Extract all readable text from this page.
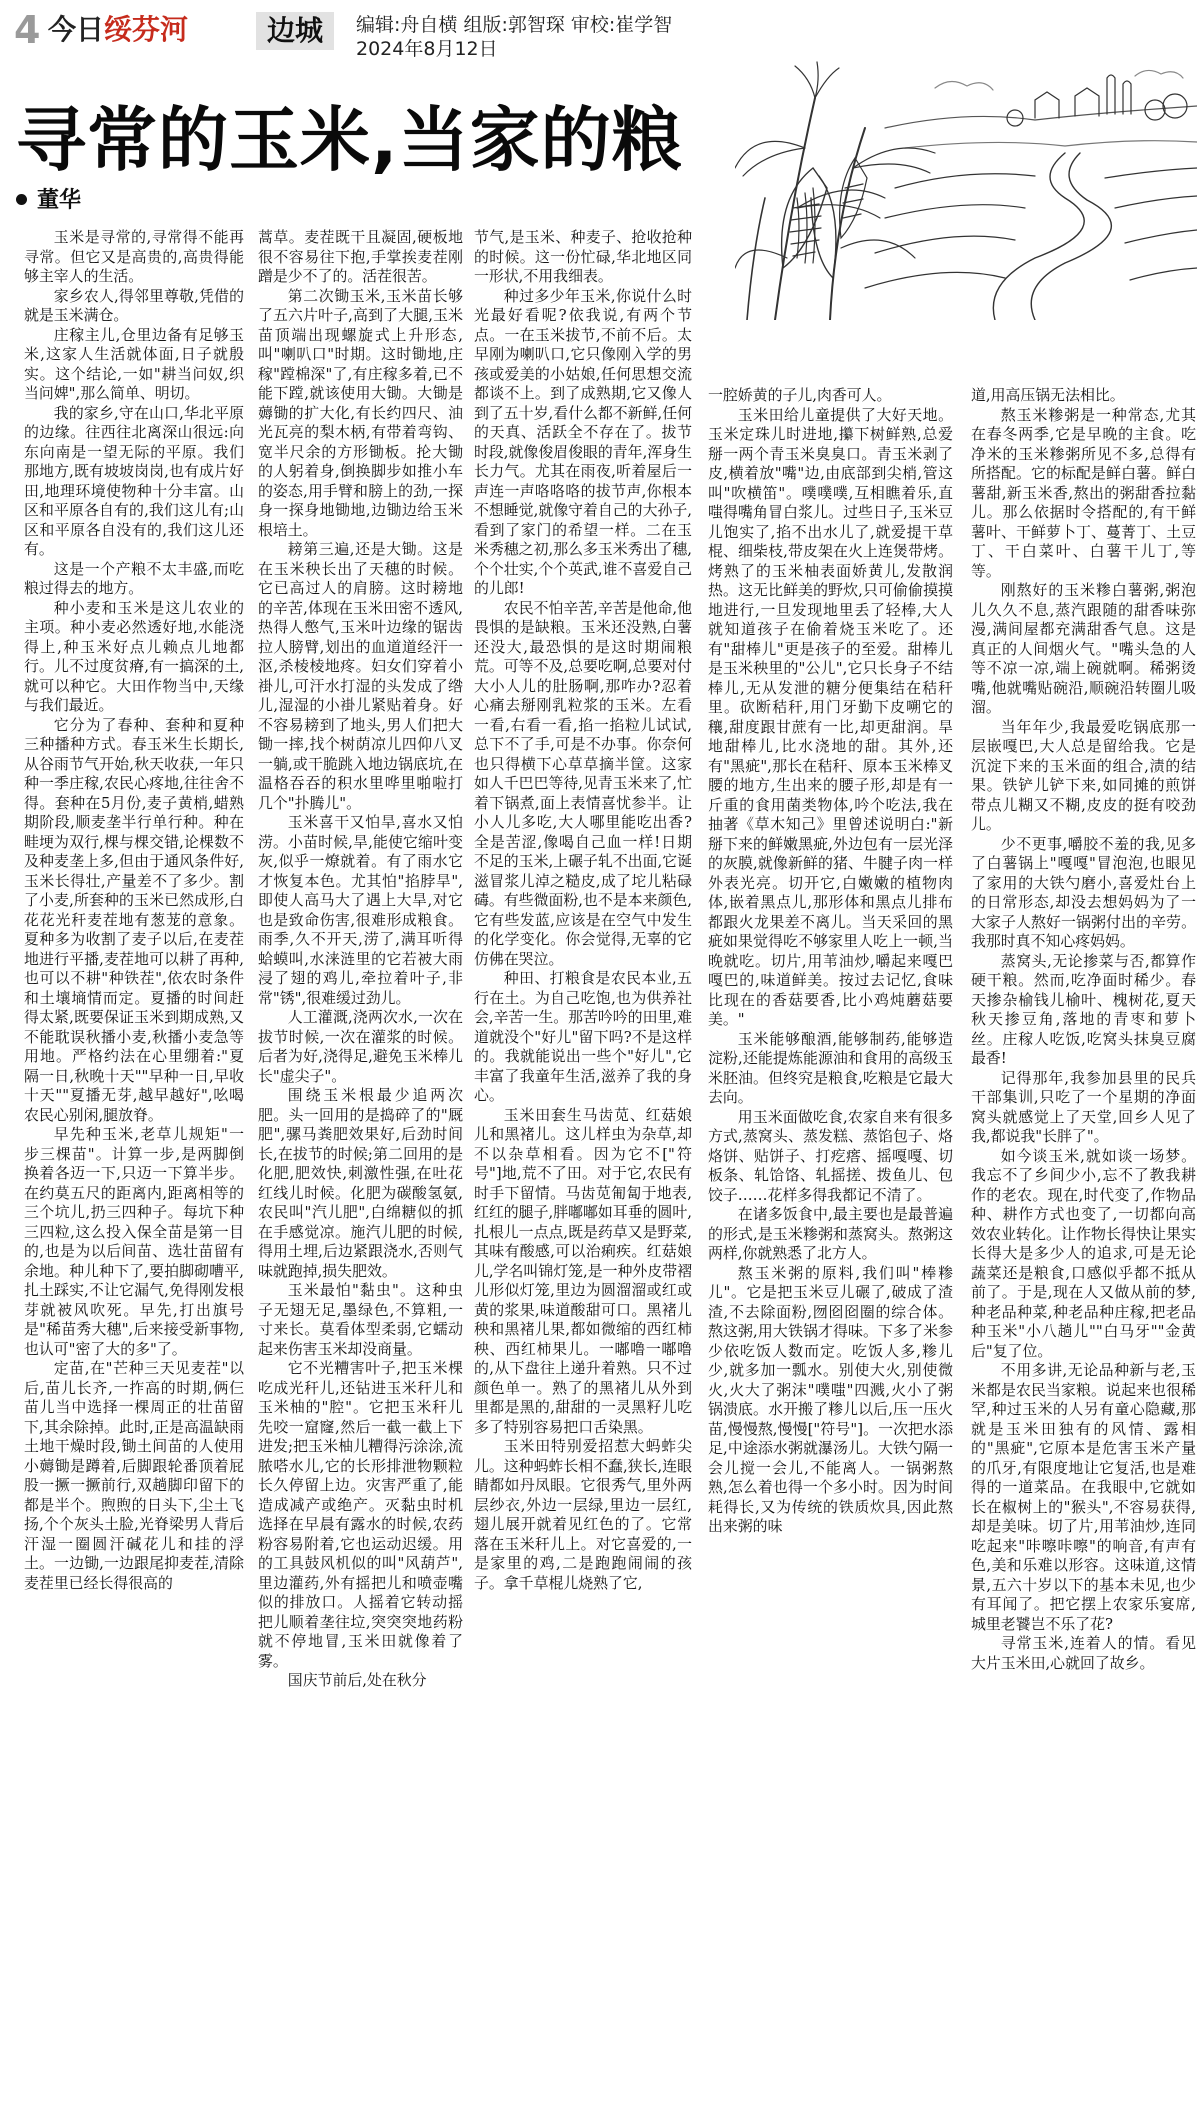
4 今日绥芬河	边城	编辑:舟自横 组版:郭智琛 审校:崔学智
2024年8月12日
寻常的玉米,当家的粮
董华

玉米是寻常的,寻常得不能再寻常。但它又是高贵的,高贵得能够主宰人的生活。

家乡农人,得邻里尊敬,凭借的就是玉米满仓。

庄稼主儿,仓里边备有足够玉米,这家人生活就体面,日子就殷实。这个结论,一如"耕当问奴,织当问婢",那么简单、明切。

我的家乡,守在山口,华北平原的边缘。往西往北离深山很远:向东向南是一望无际的平原。我们那地方,既有坡坡岗岗,也有成片好田,地理环境使物种十分丰富。山区和平原各自有的,我们这儿有;山区和平原各自没有的,我们这儿还有。

这是一个产粮不太丰盛,而吃粮过得去的地方。

种小麦和玉米是这儿农业的主项。种小麦必然透好地,水能浇得上,种玉米好点儿赖点儿地都行。儿不过度贫瘠,有一搞深的土,就可以种它。大田作物当中,天缘与我们最近。

它分为了春种、套种和夏种三种播种方式。春玉米生长期长,从谷雨节气开始,秋天收获,一年只种一季庄稼,农民心疼地,往往舍不得。套种在5月份,麦子黄梢,蜡熟期阶段,顺麦垄半行单行种。种在畦埂为双行,棵与棵交错,论棵数不及种麦垄上多,但由于通风条件好,玉米长得壮,产量差不了多少。割了小麦,所套种的玉米已然成形,白花花光秆麦茬地有葱茏的意象。夏种多为收割了麦子以后,在麦茬地进行平播,麦茬地可以耕了再种,也可以不耕"种铁茬",依农时条件和土壤墒情而定。夏播的时间赶得太紧,既要保证玉米到期成熟,又不能耽误秋播小麦,秋播小麦急等用地。严格约法在心里绷着:"夏隔一日,秋晚十天""早种一日,早收十天""夏播无芽,越早越好",吆喝农民心别闲,腿放脊。

早先种玉米,老草儿规矩"一步三棵苗"。计算一步,是两脚倒换着各迈一下,只迈一下算半步。在约莫五尺的距离内,距离相等的三个坑儿,扔三四种子。每坑下种三四粒,这么投入保全苗是第一目的,也是为以后间苗、选壮苗留有余地。种儿种下了,要拍脚砌嘈平,扎土踩实,不让它漏气,免得刚发根芽就被风吹死。早先,打出旗号是"稀苗秀大穗",后来接受新事物,也认可"密了大的多"了。

定苗,在"芒种三天见麦茬"以后,苗儿长齐,一拃高的时期,俩仨苗儿当中选择一棵周正的壮苗留下,其余除掉。此时,正是高温缺雨土地干燥时段,锄土间苗的人使用小薅锄是蹲着,后脚跟轮番顶着屁股一撅一撅前行,双趟脚印留下的都是半个。煦煦的日头下,尘土飞扬,个个灰头土脸,光脊梁男人背后汗湿一圈圆汗碱花儿和挂的浮土。一边锄,一边跟尾抑麦茬,清除麦茬里已经长得很高的

蒿草。麦茬既干且凝固,硬板地很不容易往下抱,手掌挨麦茬刚蹭是少不了的。活茬很苦。

第二次锄玉米,玉米苗长够了五六片叶子,高到了大腿,玉米苗顶端出现螺旋式上升形态,叫"喇叭口"时期。这时锄地,庄稼"蹚棉深"了,有庄稼多着,已不能下蹚,就该使用大锄。大锄是薅锄的扩大化,有长约四尺、油光瓦亮的梨木柄,有带着弯钩、宽半尺余的方形锄板。抡大锄的人躬着身,倒换脚步如推小车的姿态,用手臂和膀上的劲,一探身一探身地锄地,边锄边给玉米根培土。

耪第三遍,还是大锄。这是在玉米秧长出了天穗的时候。它已高过人的肩膀。这时耪地的辛苦,体现在玉米田密不透风,热得人憋气,玉米叶边缘的锯齿拉人膀臂,划出的血道道经汗一沤,杀棱棱地疼。妇女们穿着小褂儿,可汗水打湿的头发成了绺儿,湿湿的小褂儿紧贴着身。好不容易耪到了地头,男人们把大锄一摔,找个树荫凉儿四仰八叉一躺,或干脆跳入地边锅底坑,在温格吞吞的积水里哗里啪啦打几个"扑腾儿"。

玉米喜干又怕旱,喜水又怕涝。小苗时候,旱,能使它缩叶变灰,似乎一燎就着。有了雨水它才恢复本色。尤其怕"掐脖旱",即使人高马大了遇上大旱,对它也是致命伤害,很难形成粮食。雨季,久不开天,涝了,满耳听得蛤蟆叫,水涞涟里的它若被大雨浸了翅的鸡儿,牵拉着叶子,非常"锈",很难缓过劲儿。

人工灌溉,浇两次水,一次在拔节时候,一次在灌浆的时候。后者为好,浇得足,避免玉米棒儿长"虚尖子"。

围绕玉米根最少追两次肥。头一回用的是捣碎了的"厩肥",骡马粪肥效果好,后劲时间长,在拔节的时候;第二回用的是化肥,肥效快,刺激性强,在吐花红线儿时候。化肥为碳酸氢氨,农民叫"汽儿肥",白绵糖似的抓在手感觉凉。施汽儿肥的时候,得用土埋,后边紧跟浇水,否则气味就跑掉,损失肥效。

玉米最怕"黏虫"。这种虫子无翅无足,墨绿色,不算粗,一寸来长。莫看体型柔弱,它蠕动起来伤害玉米却没商量。

它不光糟害叶子,把玉米棵吃成光秆儿,还钻进玉米秆儿和玉米柚的"腔"。它把玉米秆儿先咬一窟窿,然后一截一截上下进发;把玉米柚儿糟得污涂涂,流脓嗒水儿,它的长形排泄物颗粒长久停留上边。灾害严重了,能造成减产或绝产。灭黏虫时机选择在早晨有露水的时候,农药粉容易附着,它也运动迟缓。用的工具鼓风机似的叫"风葫芦",里边灌药,外有摇把儿和喷壶嘴似的排放口。人摇着它转动摇把儿顺着垄往垃,突突突地药粉就不停地冒,玉米田就像着了雾。

国庆节前后,处在秋分

节气,是玉米、种麦子、抢收抢种的时候。这一份忙碌,华北地区同一形状,不用我细表。

种过多少年玉米,你说什么时光最好看呢?依我说,有两个节点。一在玉米拔节,不前不后。太早刚为喇叭口,它只像刚入学的男孩或爱美的小姑娘,任何思想交流都谈不上。到了成熟期,它又像人到了五十岁,看什么都不新鲜,任何的天真、活跃全不存在了。拔节时段,就像俊眉俊眼的青年,浑身生长力气。尤其在雨夜,听着屋后一声连一声咯咯咯的拔节声,你根本不想睡觉,就像守着自己的大孙子,看到了家门的希望一样。二在玉米秀穗之初,那么多玉米秀出了穗,个个壮实,个个英武,谁不喜爱自己的儿郎!

农民不怕辛苦,辛苦是他命,他畏惧的是缺粮。玉米还没熟,白薯还没大,最恐惧的是这时期闹粮荒。可等不及,总要吃啊,总要对付大小人儿的肚肠啊,那咋办?忍着心痛去掰刚乳粒浆的玉米。左看一看,右看一看,掐一掐粒儿试试,总下不了手,可是不办事。你奈何也只得横下心草草摘半筐。这家如人千巴巴等待,见青玉米来了,忙着下锅煮,面上表情喜忧参半。让小人儿多吃,大人哪里能吃出香?全是苦涩,像喝自己血一样!日期不足的玉米,上碾子轧不出面,它诞滋冒浆儿淖之糙皮,成了坨儿粘碌碡。有些微面粉,也不是本来颜色,它有些发蓝,应该是在空气中发生的化学变化。你会觉得,无辜的它仿佛在哭泣。

种田、打粮食是农民本业,五行在土。为自己吃饱,也为供养社会,辛苦一生。那苦吟吟的田里,难道就没个"好儿"留下吗?不是这样的。我就能说出一些个"好儿",它丰富了我童年生活,滋养了我的身心。

玉米田套生马齿苋、红菇娘儿和黑褚儿。这儿样虫为杂草,却不以杂草相看。因为它不["符号"]地,荒不了田。对于它,农民有时手下留情。马齿苋匍匐于地表,红红的腿子,胖嘟嘟如耳垂的圆叶,扎根儿一点点,既是药草又是野菜,其味有酸感,可以治痢疾。红菇娘儿,学名叫锦灯笼,是一种外皮带褶儿形似灯笼,里边为圆溜溜或红或黄的浆果,味道酸甜可口。黑褚儿秧和黑褚儿果,都如微缩的西红柿秧、西红柿果儿。一嘟噜一嘟噜的,从下盘往上递升着熟。只不过颜色单一。熟了的黑褚儿从外到里都是黑的,甜甜的一灵黑籽儿吃多了特别容易把口舌染黑。

玉米田特别爱招惹大蚂蚱尖儿。这种蚂蚱长相不蠢,狭长,连眼睛都如丹凤眼。它很秀气,里外两层纱衣,外边一层绿,里边一层红,翅儿展开就着见红色的了。它常落在玉米秆儿上。对它喜爱的,一是家里的鸡,二是跑跑闹闹的孩子。拿千草棍儿烧熟了它,

一腔娇黄的子儿,肉香可人。

玉米田给儿童提供了大好天地。玉米定珠儿时进地,攥下树鲜熟,总爱掰一两个青玉米臭臭口。青玉米剥了皮,横着放"嘴"边,由底部到尖梢,管这叫"吹横笛"。噗噗噗,互相瞧着乐,直嗤得嘴角冒白浆儿。过些日子,玉米豆儿饱实了,掐不出水儿了,就爱提干草棍、细柴枝,带皮架在火上连煲带烤。烤熟了的玉米柚表面娇黄儿,发散润热。这无比鲜美的野炊,只可偷偷摸摸地进行,一旦发现地里丢了轻棒,大人就知道孩子在偷着烧玉米吃了。还有"甜棒儿"更是孩子的至爱。甜棒儿是玉米秧里的"公儿",它只长身子不结棒儿,无从发泄的糖分便集结在秸秆里。砍断秸秆,用门牙勤下皮嗍它的穰,甜度跟甘蔗有一比,却更甜润。旱地甜棒儿,比水浇地的甜。其外,还有"黑疵",那长在秸秆、原本玉米棒叉腰的地方,生出来的腰子形,却是有一斤重的食用菌类物体,吟个吃法,我在抽著《草木知己》里曾述说明白:"新掰下来的鲜嫩黑疵,外边包有一层光泽的灰膜,就像新鲜的猪、牛腱子肉一样外表光亮。切开它,白嫩嫩的植物肉体,嵌着黑点儿,那形体和黑点儿排布都跟火龙果差不离儿。当天采回的黑疵如果觉得吃不够家里人吃上一顿,当晚就吃。切片,用苇油炒,嚼起来嘎巴嘎巴的,味道鲜美。按过去记忆,食味比现在的香菇要香,比小鸡炖蘑菇要美。"

玉米能够酿酒,能够制药,能够造淀粉,还能提炼能源油和食用的高级玉米胚油。但终究是粮食,吃粮是它最大去向。

用玉米面做吃食,农家自来有很多方式,蒸窝头、蒸发糕、蒸馅包子、烙烙饼、贴饼子、打疙瘩、摇嘎嘎、切板条、轧饸饹、轧摇搓、拨鱼儿、包饺子……花样多得我都记不清了。

在诸多饭食中,最主要也是最普遍的形式,是玉米糁粥和蒸窝头。熬粥这两样,你就熟悉了北方人。

熬玉米粥的原料,我们叫"棒糁儿"。它是把玉米豆儿碾了,破成了渣渣,不去除面粉,囫囵囵圈的综合体。熬这粥,用大铁锅才得味。下多了米参少依吃饭人数而定。吃饭人多,糁儿少,就多加一瓢水。别使大火,别使微火,火大了粥沫"噗嗤"四溅,火小了粥锅溃底。水开搬了糁儿以后,压一压火苗,慢慢熬,慢慢["符号"]。一次把水添足,中途添水粥就瀑汤儿。大铁勺隔一会儿搅一会儿,不能离人。一锅粥熬熟,怎么着也得一个多小时。因为时间耗得长,又为传统的铁质炊具,因此熬出来粥的味

道,用高压锅无法相比。

熬玉米糁粥是一种常态,尤其在春冬两季,它是早晚的主食。吃净米的玉米糁粥所见不多,总得有所搭配。它的标配是鲜白薯。鲜白薯甜,新玉米香,熬出的粥甜香拉黏儿。那么依据时令搭配的,有干鲜薯叶、干鲜萝卜丁、蔓菁丁、土豆丁、干白菜叶、白薯干儿丁,等等。

刚熬好的玉米糁白薯粥,粥泡儿久久不息,蒸汽跟随的甜香味弥漫,满间屋都充满甜香气息。这是真正的人间烟火气。"嘴头急的人等不凉一凉,端上碗就啊。稀粥烫嘴,他就嘴贴碗沿,顺碗沿转圈儿吸溜。

当年年少,我最爱吃锅底那一层嵌嘎巴,大人总是留给我。它是沉淀下来的玉米面的组合,渍的结果。铁铲儿铲下来,如同摊的煎饼带点儿糊又不糊,皮皮的挺有咬劲儿。

少不更事,嚼胶不羞的我,见多了白薯锅上"嘎嘎"冒泡泡,也眼见了家用的大铁勺磨小,喜爱灶台上的日常形态,却没去想妈妈为了一大家子人熬好一锅粥付出的辛劳。我那时真不知心疼妈妈。

蒸窝头,无论掺菜与否,都算作硬干粮。然而,吃净面时稀少。春天掺杂榆钱儿榆叶、槐树花,夏天秋天掺豆角,落地的青枣和萝卜丝。庄稼人吃饭,吃窝头抹臭豆腐最香!

记得那年,我参加县里的民兵干部集训,只吃了一个星期的净面窝头就感觉上了天堂,回乡人见了我,都说我"长胖了"。

如今谈玉米,就如谈一场梦。我忘不了乡间少小,忘不了教我耕作的老农。现在,时代变了,作物品种、耕作方式也变了,一切都向高效农业转化。让作物长得快让果实长得大是多少人的追求,可是无论蔬菜还是粮食,口感似乎都不抵从前了。于是,现在人又做从前的梦,种老品种菜,种老品种庄稼,把老品种玉米"小八趟儿""白马牙""金黄后"复了位。

不用多讲,无论品种新与老,玉米都是农民当家粮。说起来也很稀罕,种过玉米的人另有童心隐藏,那就是玉米田独有的风情、露相的"黑疵",它原本是危害玉米产量的爪牙,有限度地让它复活,也是难得的一道菜品。在我眼中,它就如长在椒树上的"猴头",不容易获得,却是美味。切了片,用苇油炒,连同吃起来"咔嚓咔嚓"的响音,有声有色,美和乐难以形容。这味道,这情景,五六十岁以下的基本未见,也少有耳闻了。把它摆上农家乐宴席,城里老饕岂不乐了花?

寻常玉米,连着人的情。看见大片玉米田,心就回了故乡。
